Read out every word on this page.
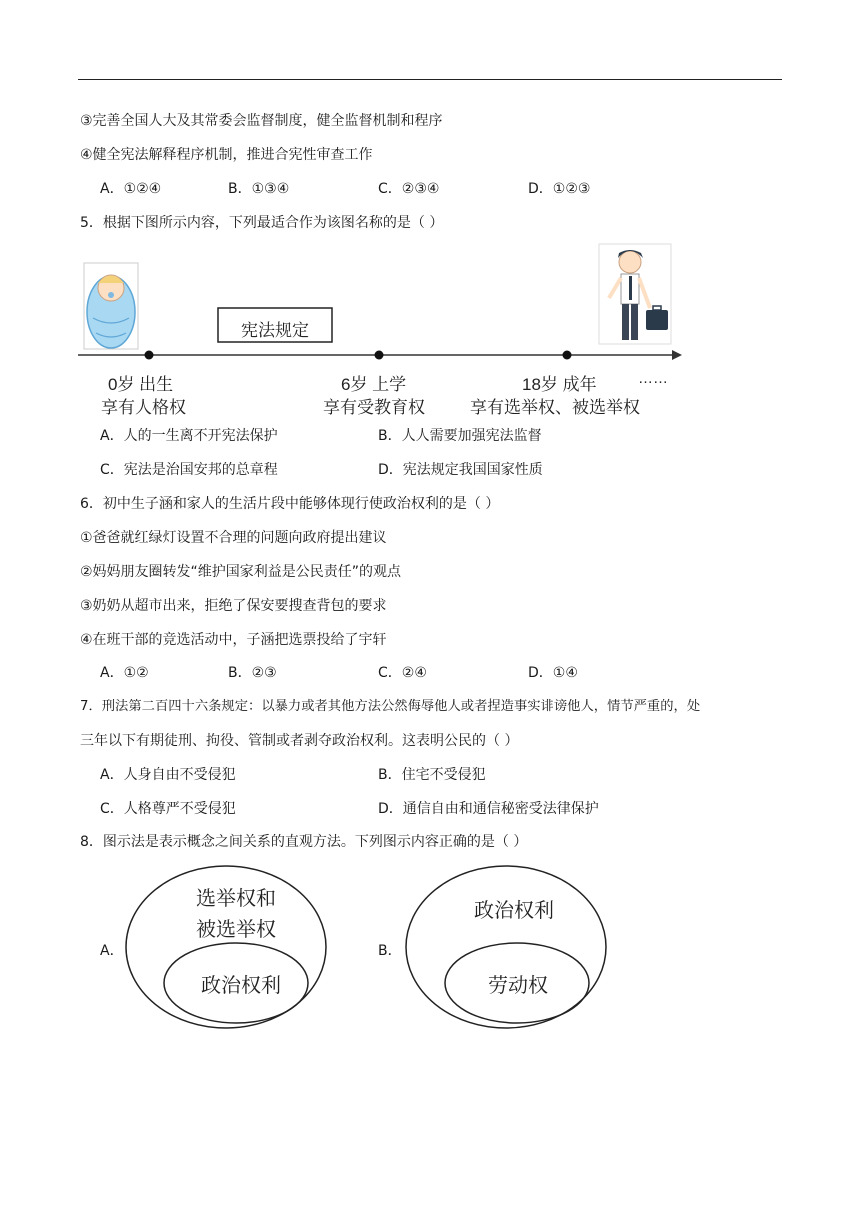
③完善全国人大及其常委会监督制度，健全监督机制和程序
④健全宪法解释程序机制，推进合宪性审查工作
A．①②④	B．①③④	C．②③④	D．①②③
5．根据下图所示内容，下列最适合作为该图名称的是（ ）
宪法规定
0岁 出生
享有人格权
6岁 上学
享有受教育权
18岁 成年
享有选举权、被选举权
……
A．人的一生离不开宪法保护	B．人人需要加强宪法监督
C．宪法是治国安邦的总章程	D．宪法规定我国国家性质
6．初中生子涵和家人的生活片段中能够体现行使政治权利的是（ ）
①爸爸就红绿灯设置不合理的问题向政府提出建议
②妈妈朋友圈转发“维护国家利益是公民责任”的观点
③奶奶从超市出来，拒绝了保安要搜查背包的要求
④在班干部的竞选活动中，子涵把选票投给了宇轩
A．①②	B．②③	C．②④	D．①④
7．刑法第二百四十六条规定：以暴力或者其他方法公然侮辱他人或者捏造事实诽谤他人，情节严重的，处
三年以下有期徒刑、拘役、管制或者剥夺政治权利。这表明公民的（ ）
A．人身自由不受侵犯	B．住宅不受侵犯
C．人格尊严不受侵犯	D．通信自由和通信秘密受法律保护
8．图示法是表示概念之间关系的直观方法。下列图示内容正确的是（ ）
A．
选举权和
被选举权
政治权利
B．
政治权利
劳动权
